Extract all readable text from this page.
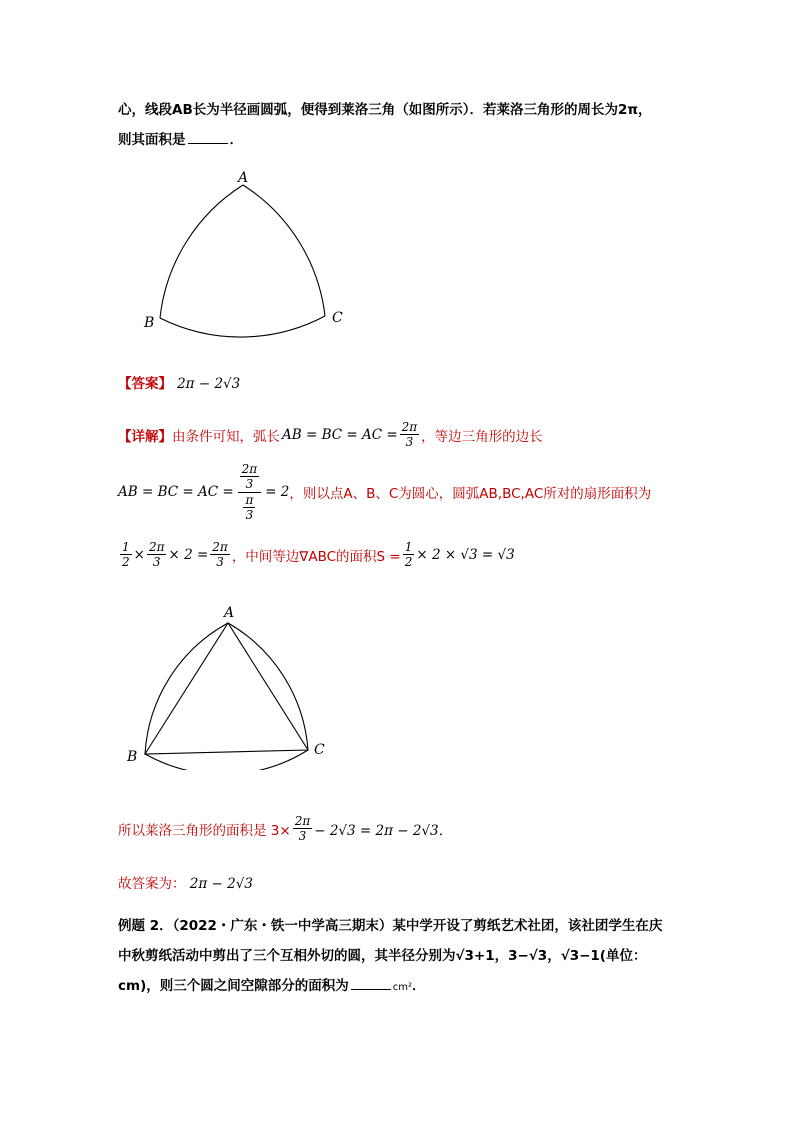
心，线段AB长为半径画圆弧，便得到莱洛三角（如图所示）．若莱洛三角形的周长为2π，
则其面积是	．
A
B	C
【答案】 2π − 2√3
【详解】 由条件可知，弧长 AB = BC = AC = $\frac{2\pi}{3}$ ，等边三角形的边长
AB = BC = AC = 2π
3
π
3 = 2 ，则以点A、B、C为圆心，圆弧AB,BC,AC所对的扇形面积为
$\frac{1}{2} \times \frac{2\pi}{3} \times 2 = \frac{2\pi}{3}$ ，中间等边∇ABC的面积$S = \frac{1}{2} \times 2 \times √3 = √3$
A
B	C
所以莱洛三角形的面积是 $3\times \frac{2\pi}{3} - 2√3 = 2\pi - 2√3$．
故答案为： 2π − 2√3
例题 2．（2022・广东・铁一中学高三期末）某中学开设了剪纸艺术社团，该社团学生在庆
中秋剪纸活动中剪出了三个互相外切的圆，其半径分别为√3+1，3−√3，√3−1(单位：
cm)，则三个圆之间空隙部分的面积为	cm²．
